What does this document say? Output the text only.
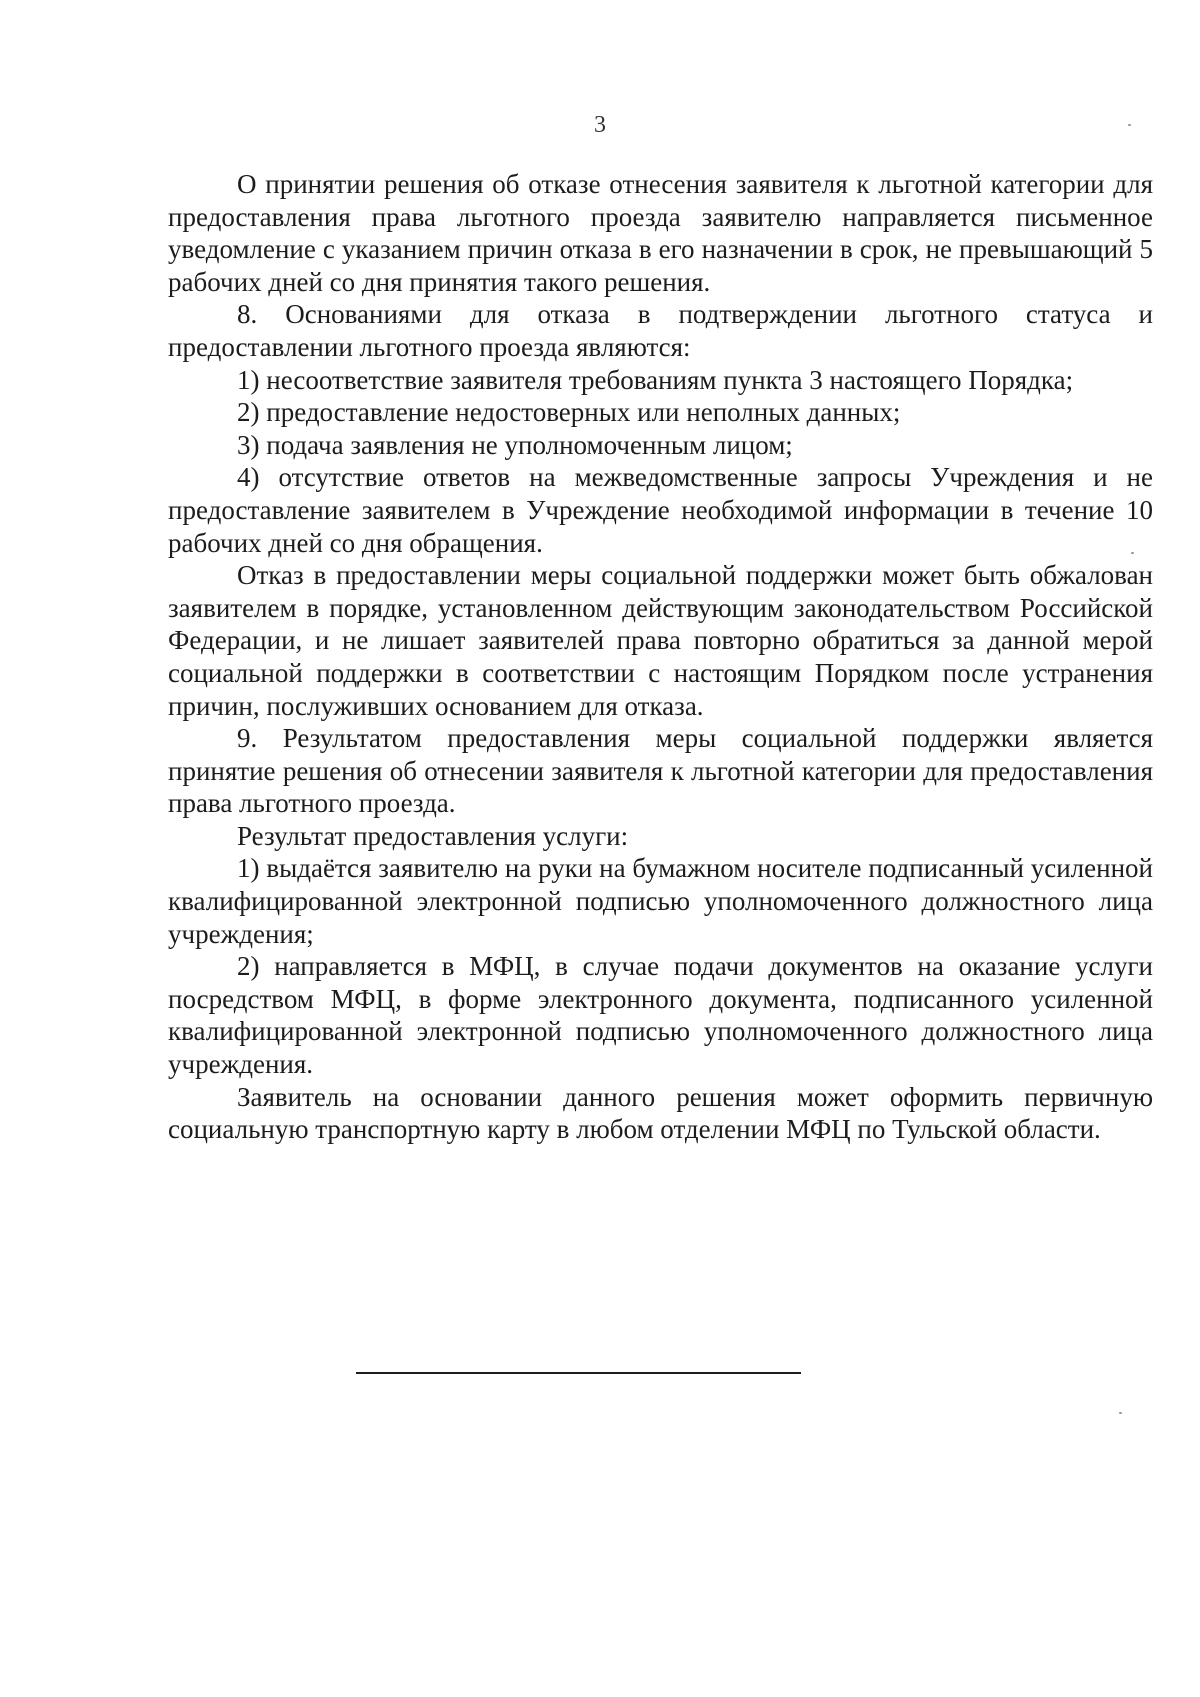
3

О принятии решения об отказе отнесения заявителя к льготной категории для предоставления права льготного проезда заявителю направляется письменное уведомление с указанием причин отказа в его назначении в срок, не превышающий 5 рабочих дней со дня принятия такого решения.

8. Основаниями для отказа в подтверждении льготного статуса и предоставлении льготного проезда являются:

1) несоответствие заявителя требованиям пункта 3 настоящего Порядка;

2) предоставление недостоверных или неполных данных;

3) подача заявления не уполномоченным лицом;

4) отсутствие ответов на межведомственные запросы Учреждения и не предоставление заявителем в Учреждение необходимой информации в течение 10 рабочих дней со дня обращения.

Отказ в предоставлении меры социальной поддержки может быть обжалован заявителем в порядке, установленном действующим законодательством Российской Федерации, и не лишает заявителей права повторно обратиться за данной мерой социальной поддержки в соответствии с настоящим Порядком после устранения причин, послуживших основанием для отказа.

9. Результатом предоставления меры социальной поддержки является принятие решения об отнесении заявителя к льготной категории для предоставления права льготного проезда.

Результат предоставления услуги:

1) выдаётся заявителю на руки на бумажном носителе подписанный усиленной квалифицированной электронной подписью уполномоченного должностного лица учреждения;

2) направляется в МФЦ, в случае подачи документов на оказание услуги посредством МФЦ, в форме электронного документа, подписанного усиленной квалифицированной электронной подписью уполномоченного должностного лица учреждения.

Заявитель на основании данного решения может оформить первичную социальную транспортную карту в любом отделении МФЦ по Тульской области.
